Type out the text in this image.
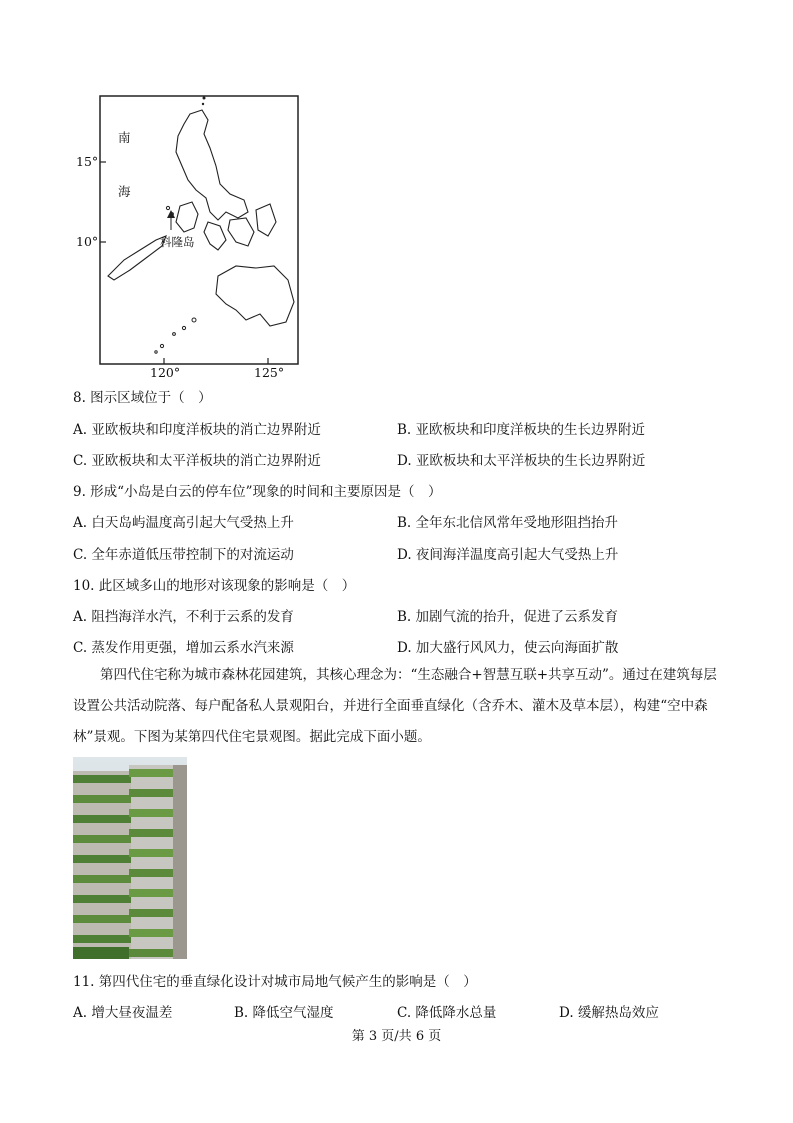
南
海
科隆岛
15°
10°
120°	125°
8. 图示区域位于（　）
A. 亚欧板块和印度洋板块的消亡边界附近	B. 亚欧板块和印度洋板块的生长边界附近
C. 亚欧板块和太平洋板块的消亡边界附近	D. 亚欧板块和太平洋板块的生长边界附近
9. 形成“小岛是白云的停车位”现象的时间和主要原因是（　）
A. 白天岛屿温度高引起大气受热上升	B. 全年东北信风常年受地形阻挡抬升
C. 全年赤道低压带控制下的对流运动	D. 夜间海洋温度高引起大气受热上升
10. 此区域多山的地形对该现象的影响是（　）
A. 阻挡海洋水汽，不利于云系的发育	B. 加剧气流的抬升，促进了云系发育
C. 蒸发作用更强，增加云系水汽来源	D. 加大盛行风风力，使云向海面扩散
第四代住宅称为城市森林花园建筑，其核心理念为：“生态融合+智慧互联+共享互动”。通过在建筑每层设置公共活动院落、每户配备私人景观阳台，并进行全面垂直绿化（含乔木、灌木及草本层），构建“空中森林”景观。下图为某第四代住宅景观图。据此完成下面小题。
11. 第四代住宅的垂直绿化设计对城市局地气候产生的影响是（　）
A. 增大昼夜温差	B. 降低空气湿度	C. 降低降水总量	D. 缓解热岛效应
第 3 页/共 6 页
